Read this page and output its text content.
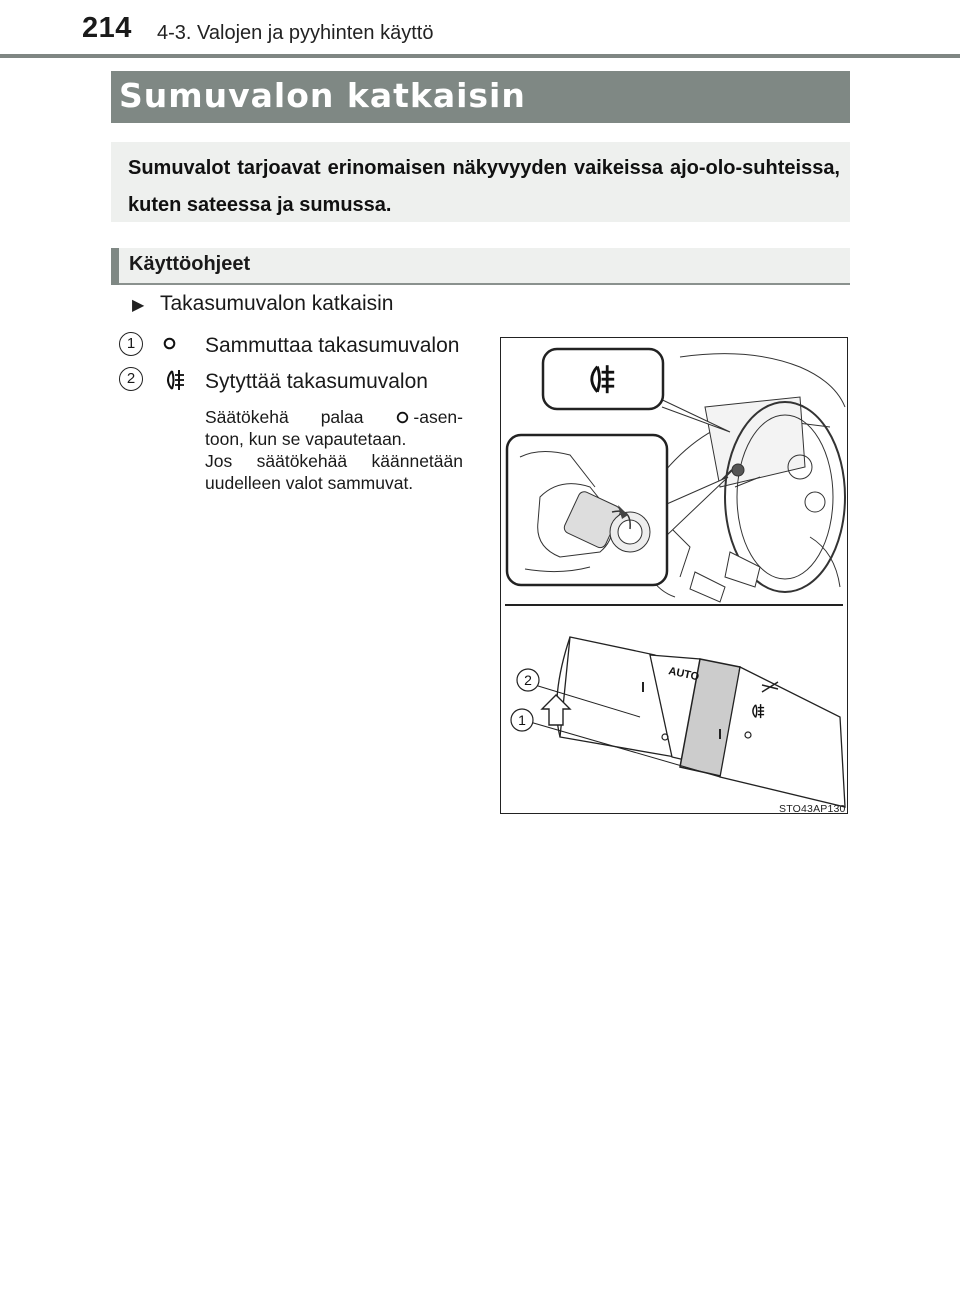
214 4-3. Valojen ja pyyhinten käyttö
Sumuvalon katkaisin
Sumuvalot tarjoavat erinomaisen näkyvyyden vaikeissa ajo-olo-suhteissa, kuten sateessa ja sumussa.
Käyttöohjeet
▶ Takasumuvalon katkaisin
1	Sammuttaa takasumuvalon
2	Sytyttää takasumuvalon
Säätökehä palaa	-asen-
toon, kun se vapautetaan.
Jos säätökehää käännetään
uudelleen valot sammuvat.
AUTO
2
1
STO43AP130
